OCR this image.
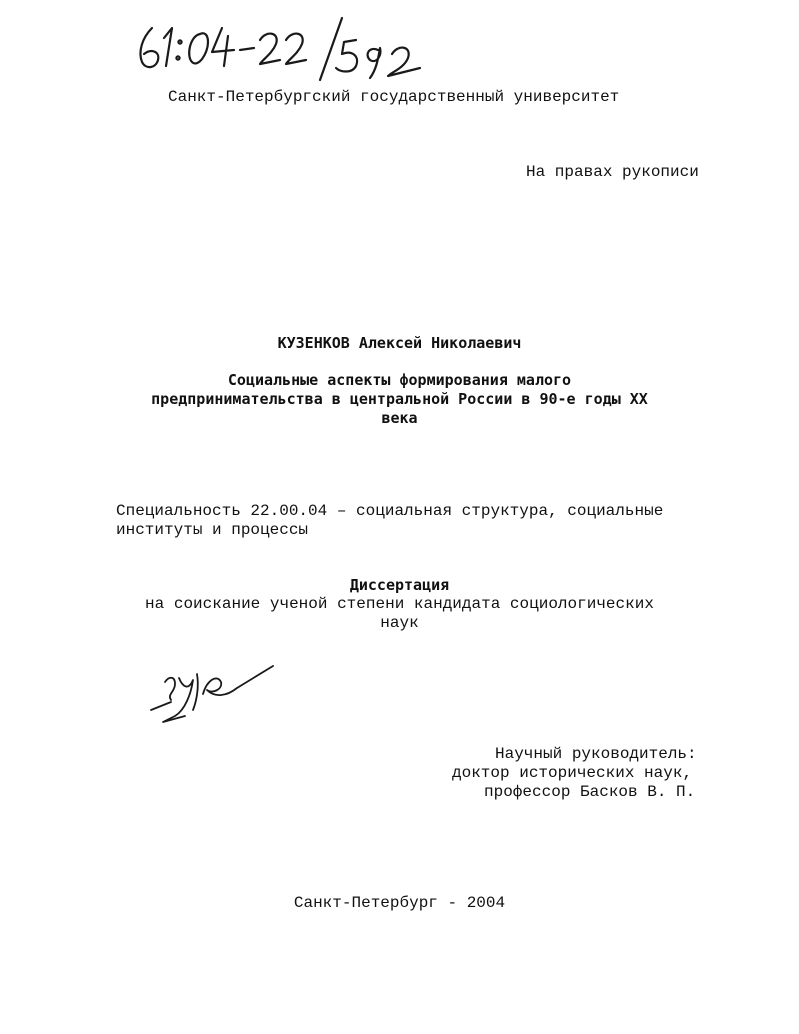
Санкт-Петербургский государственный университет
На правах рукописи
КУЗЕНКОВ Алексей Николаевич
Социальные аспекты формирования малого
предпринимательства в центральной России в 90-е годы XX
века
Специальность 22.00.04 – социальная структура, социальные
институты и процессы
Диссертация
на соискание ученой степени кандидата социологических
наук
Научный руководитель:
доктор исторических наук,
профессор Басков В. П.
Санкт-Петербург - 2004
